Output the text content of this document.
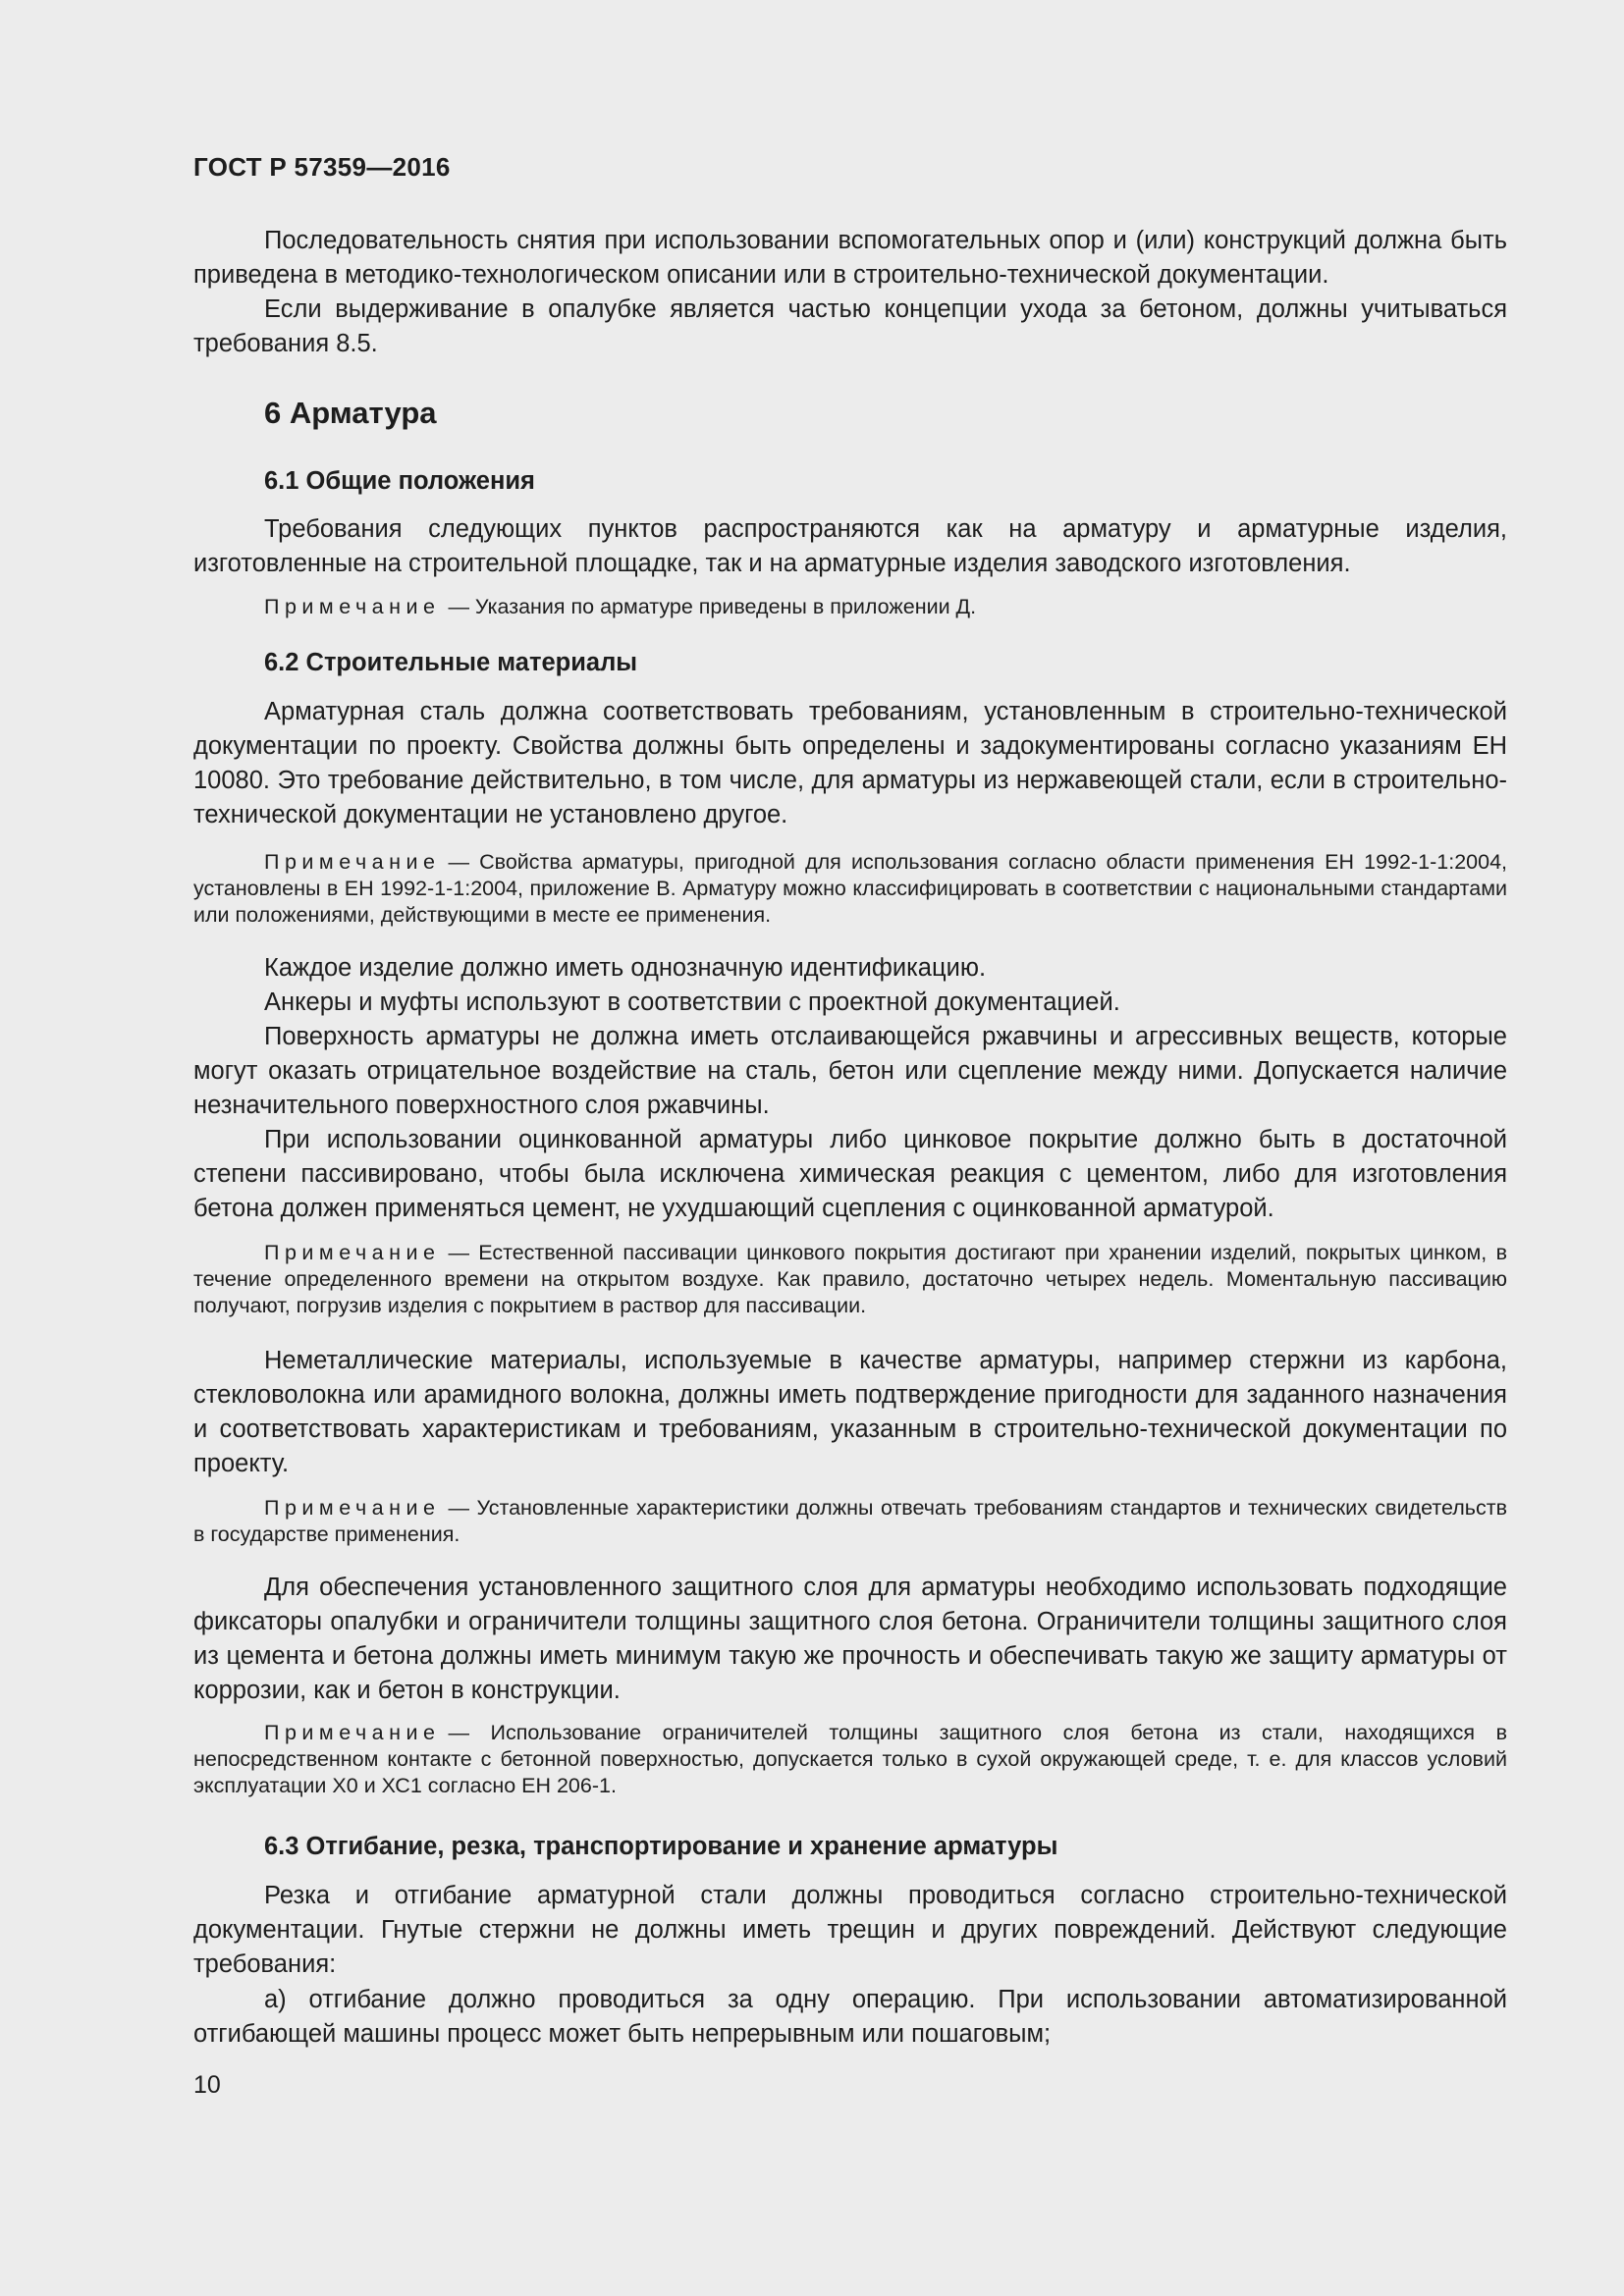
ГОСТ Р 57359—2016

Последовательность снятия при использовании вспомогательных опор и (или) конструкций должна быть приведена в методико-технологическом описании или в строительно-технической документации.

Если выдерживание в опалубке является частью концепции ухода за бетоном, должны учитываться требования 8.5.

6 Арматура
6.1 Общие положения

Требования следующих пунктов распространяются как на арматуру и арматурные изделия, изготовленные на строительной площадке, так и на арматурные изделия заводского изготовления.

Примечание — Указания по арматуре приведены в приложении Д.

6.2 Строительные материалы

Арматурная сталь должна соответствовать требованиям, установленным в строительно-технической документации по проекту. Свойства должны быть определены и задокументированы согласно указаниям ЕН 10080. Это требование действительно, в том числе, для арматуры из нержавеющей стали, если в строительно-технической документации не установлено другое.

Примечание — Свойства арматуры, пригодной для использования согласно области применения ЕН 1992-1-1:2004, установлены в ЕН 1992-1-1:2004, приложение В. Арматуру можно классифицировать в соответствии с национальными стандартами или положениями, действующими в месте ее применения.

Каждое изделие должно иметь однозначную идентификацию.

Анкеры и муфты используют в соответствии с проектной документацией.

Поверхность арматуры не должна иметь отслаивающейся ржавчины и агрессивных веществ, которые могут оказать отрицательное воздействие на сталь, бетон или сцепление между ними. Допускается наличие незначительного поверхностного слоя ржавчины.

При использовании оцинкованной арматуры либо цинковое покрытие должно быть в достаточной степени пассивировано, чтобы была исключена химическая реакция с цементом, либо для изготовления бетона должен применяться цемент, не ухудшающий сцепления с оцинкованной арматурой.

Примечание — Естественной пассивации цинкового покрытия достигают при хранении изделий, покрытых цинком, в течение определенного времени на открытом воздухе. Как правило, достаточно четырех недель. Моментальную пассивацию получают, погрузив изделия с покрытием в раствор для пассивации.

Неметаллические материалы, используемые в качестве арматуры, например стержни из карбона, стекловолокна или арамидного волокна, должны иметь подтверждение пригодности для заданного назначения и соответствовать характеристикам и требованиям, указанным в строительно-технической документации по проекту.

Примечание — Установленные характеристики должны отвечать требованиям стандартов и технических свидетельств в государстве применения.

Для обеспечения установленного защитного слоя для арматуры необходимо использовать подходящие фиксаторы опалубки и ограничители толщины защитного слоя бетона. Ограничители толщины защитного слоя из цемента и бетона должны иметь минимум такую же прочность и обеспечивать такую же защиту арматуры от коррозии, как и бетон в конструкции.

Примечание — Использование ограничителей толщины защитного слоя бетона из стали, находящихся в непосредственном контакте с бетонной поверхностью, допускается только в сухой окружающей среде, т. е. для классов условий эксплуатации Х0 и ХС1 согласно ЕН 206-1.

6.3 Отгибание, резка, транспортирование и хранение арматуры

Резка и отгибание арматурной стали должны проводиться согласно строительно-технической документации. Гнутые стержни не должны иметь трещин и других повреждений. Действуют следующие требования:

а) отгибание должно проводиться за одну операцию. При использовании автоматизированной отгибающей машины процесс может быть непрерывным или пошаговым;

10
